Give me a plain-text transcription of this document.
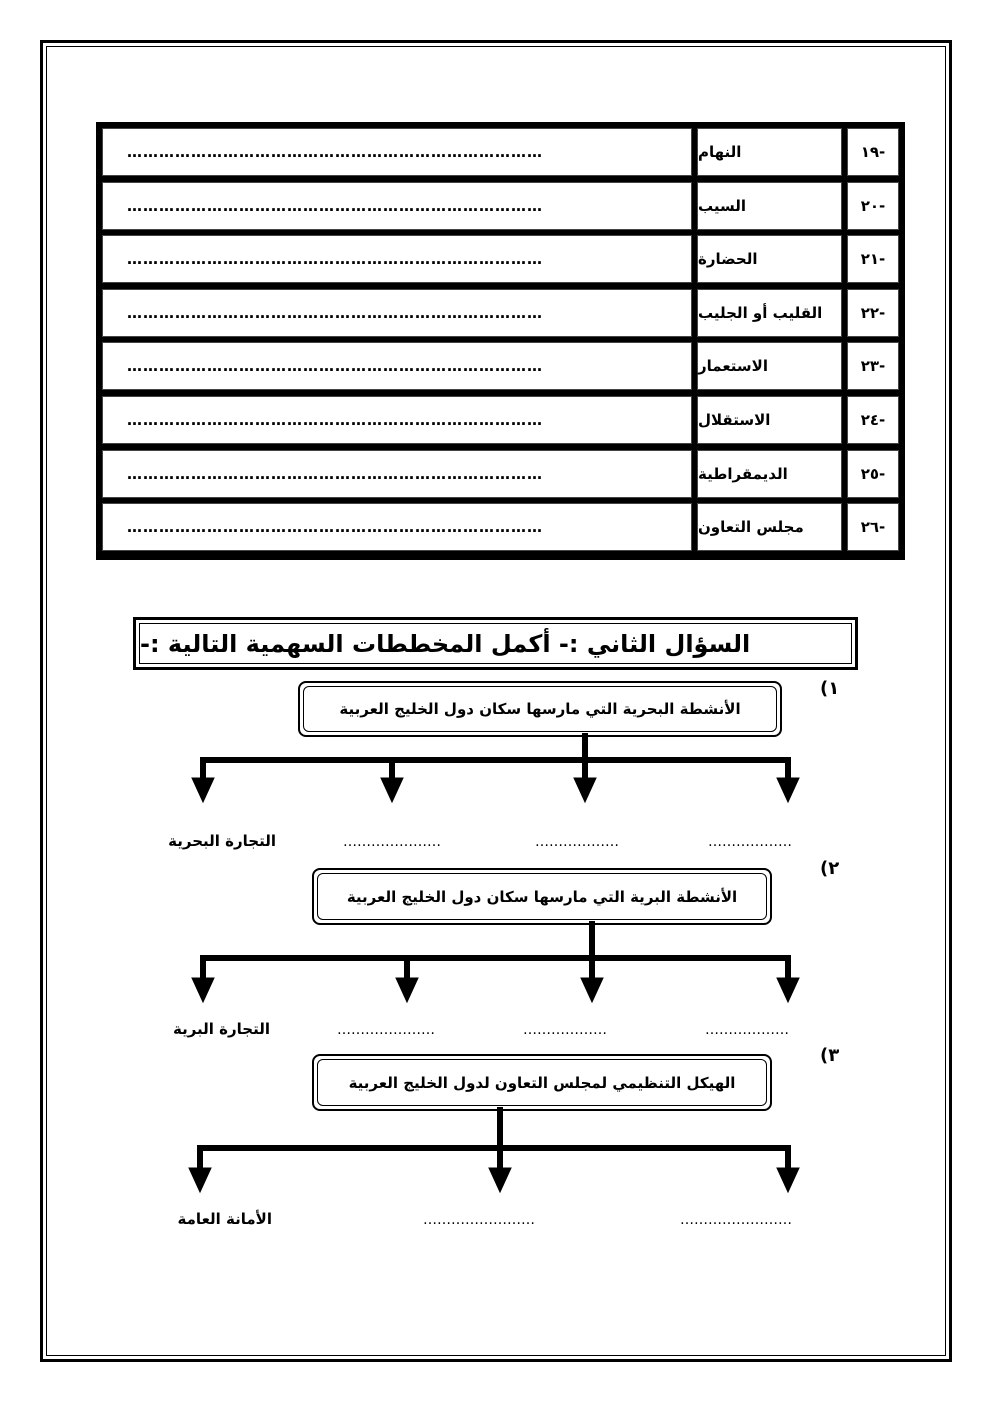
-١٩
النهام
……………………………………………………………………
-٢٠
السيب
……………………………………………………………………
-٢١
الحضارة
……………………………………………………………………
-٢٢
القليب أو الجليب
……………………………………………………………………
-٢٣
الاستعمار
……………………………………………………………………
-٢٤
الاستقلال
……………………………………………………………………
-٢٥
الديمقراطية
……………………………………………………………………
-٢٦
مجلس التعاون
……………………………………………………………………
السؤال الثاني :- أكمل المخططات السهمية التالية :-
(١
الأنشطة البحرية التي مارسها سكان دول الخليج العربية
………………
………………
…………………
التجارة البحرية
(٢
الأنشطة البرية التي مارسها سكان دول الخليج العربية
………………
………………
…………………
التجارة البرية
(٣
الهيكل التنظيمي لمجلس التعاون لدول الخليج العربية
……………………
……………………
الأمانة العامة
